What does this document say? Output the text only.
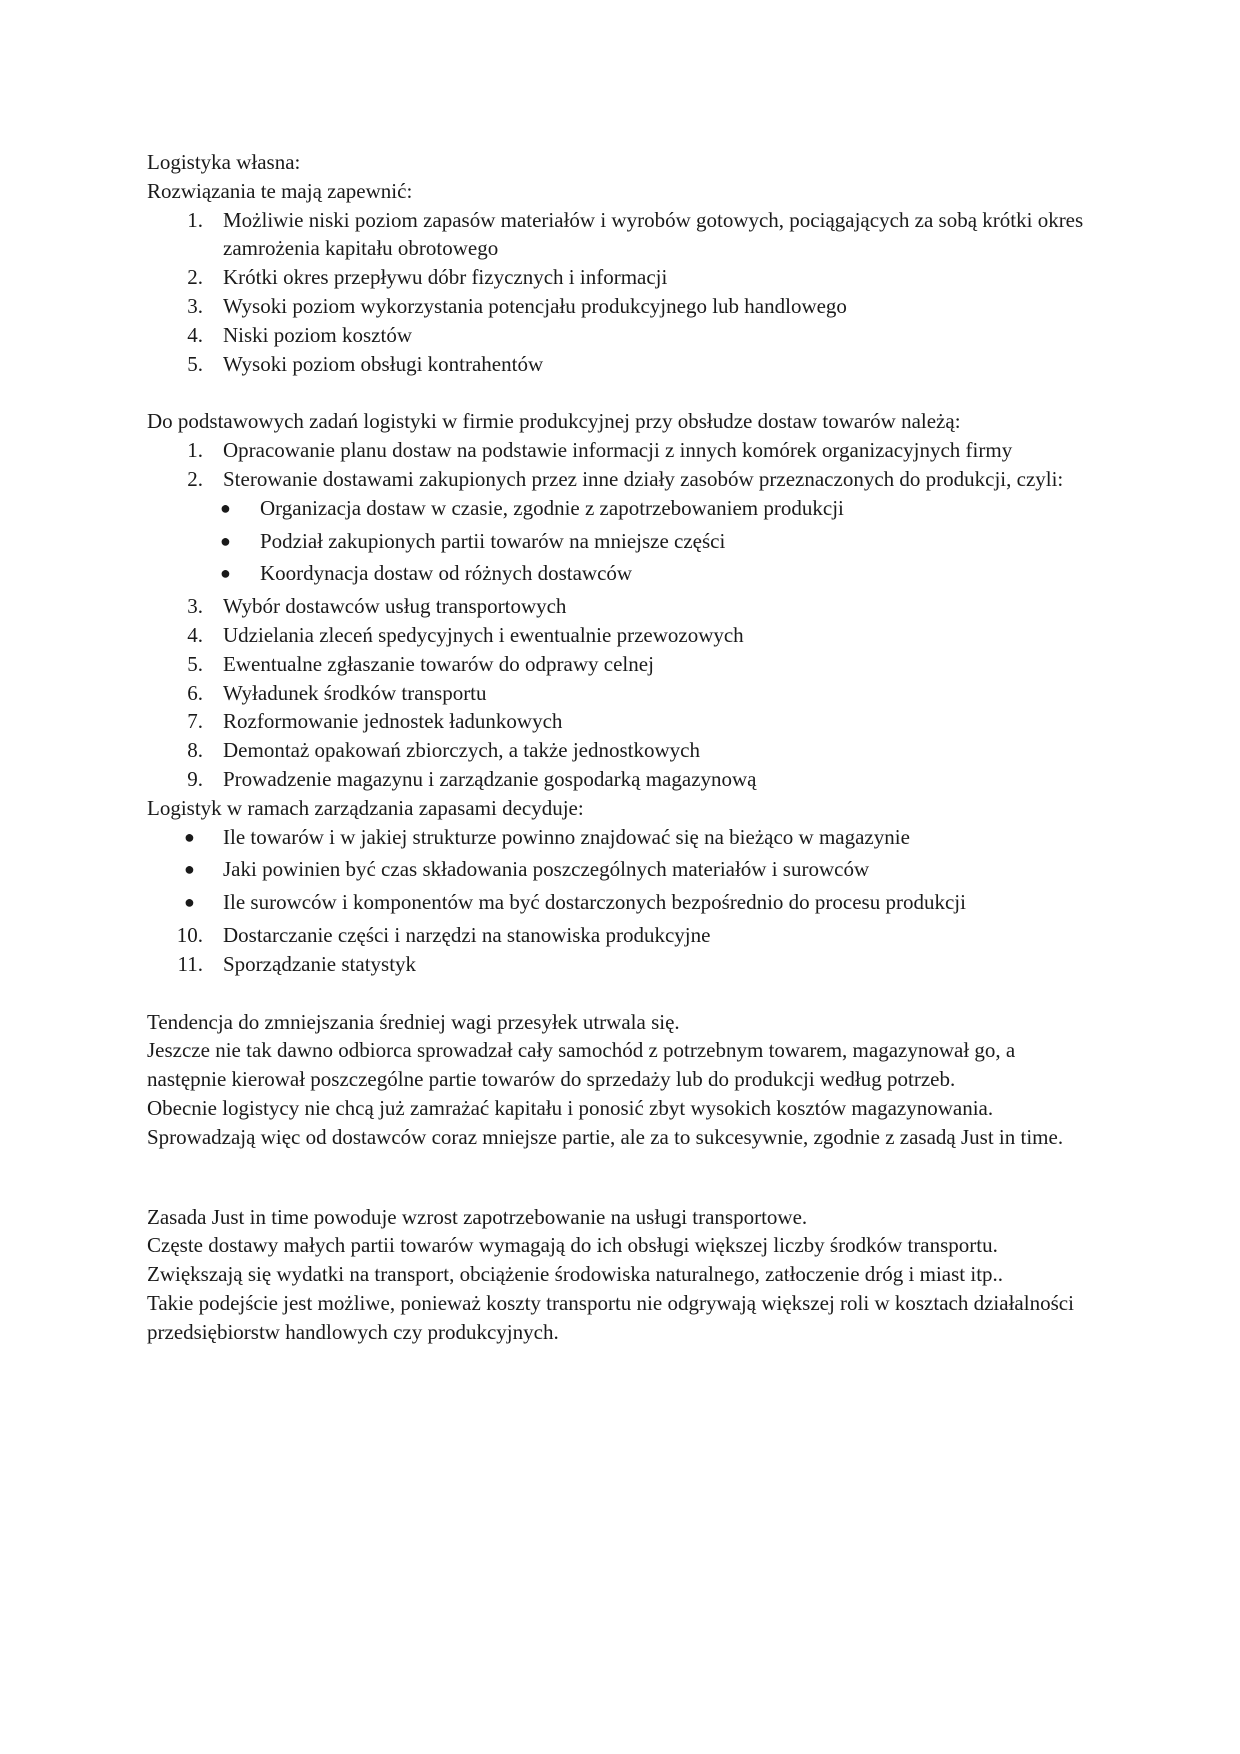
Logistyka własna:

Rozwiązania te mają zapewnić:

1. Możliwie niski poziom zapasów materiałów i wyrobów gotowych, pociągających za sobą krótki okres zamrożenia kapitału obrotowego
2. Krótki okres przepływu dóbr fizycznych i informacji
3. Wysoki poziom wykorzystania potencjału produkcyjnego lub handlowego
4. Niski poziom kosztów
5. Wysoki poziom obsługi kontrahentów

Do podstawowych zadań logistyki w firmie produkcyjnej przy obsłudze dostaw towarów należą:

1. Opracowanie planu dostaw na podstawie informacji z innych komórek organizacyjnych firmy
2. Sterowanie dostawami zakupionych przez inne działy zasobów przeznaczonych do produkcji, czyli:
● Organizacja dostaw w czasie, zgodnie z zapotrzebowaniem produkcji
● Podział zakupionych partii towarów na mniejsze części
● Koordynacja dostaw od różnych dostawców
3. Wybór dostawców usług transportowych
4. Udzielania zleceń spedycyjnych i ewentualnie przewozowych
5. Ewentualne zgłaszanie towarów do odprawy celnej
6. Wyładunek środków transportu
7. Rozformowanie jednostek ładunkowych
8. Demontaż opakowań zbiorczych, a także jednostkowych
9. Prowadzenie magazynu i zarządzanie gospodarką magazynową

Logistyk w ramach zarządzania zapasami decyduje:

● Ile towarów i w jakiej strukturze powinno znajdować się na bieżąco w magazynie
● Jaki powinien być czas składowania poszczególnych materiałów i surowców
● Ile surowców i komponentów ma być dostarczonych bezpośrednio do procesu produkcji
10. Dostarczanie części i narzędzi na stanowiska produkcyjne
11. Sporządzanie statystyk

Tendencja do zmniejszania średniej wagi przesyłek utrwala się.

Jeszcze nie tak dawno odbiorca sprowadzał cały samochód z potrzebnym towarem, magazynował go, a następnie kierował poszczególne partie towarów do sprzedaży lub do produkcji według potrzeb.

Obecnie logistycy nie chcą już zamrażać kapitału i ponosić zbyt wysokich kosztów magazynowania. Sprowadzają więc od dostawców coraz mniejsze partie, ale za to sukcesywnie, zgodnie z zasadą Just in time.

Zasada Just in time powoduje wzrost zapotrzebowanie na usługi transportowe.

Częste dostawy małych partii towarów wymagają do ich obsługi większej liczby środków transportu.

Zwiększają się wydatki na transport, obciążenie środowiska naturalnego, zatłoczenie dróg i miast itp..

Takie podejście jest możliwe, ponieważ koszty transportu nie odgrywają większej roli w kosztach działalności przedsiębiorstw handlowych czy produkcyjnych.
